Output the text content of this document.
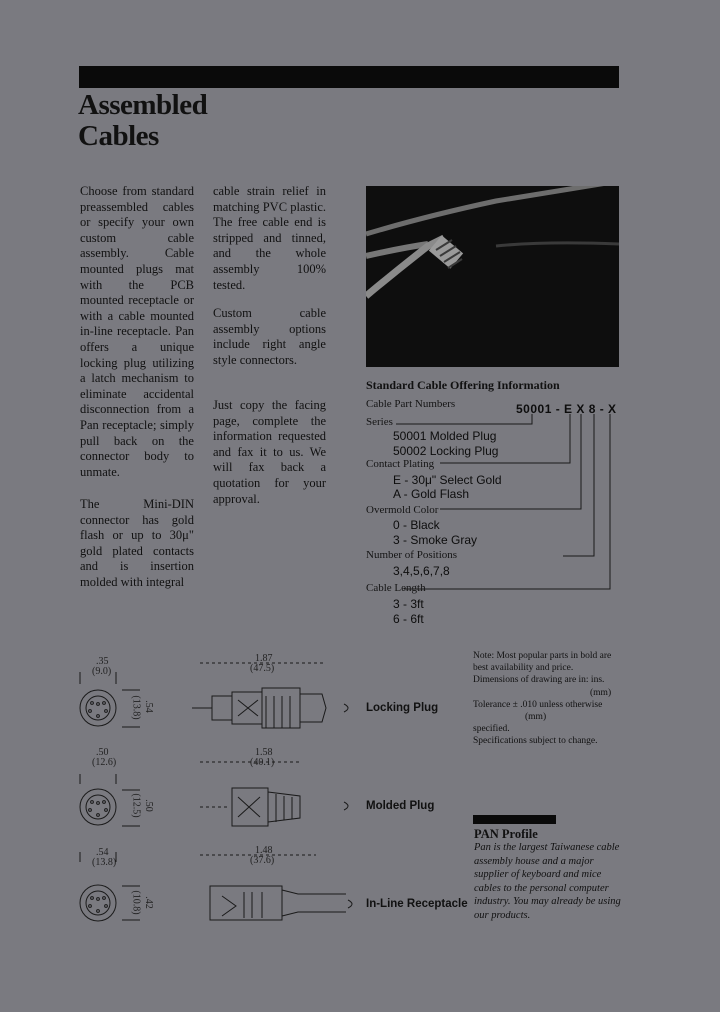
Assembled
Cables
Choose from standard preassembled cables or specify your own custom cable assembly. Cable mounted plugs mat with the PCB mounted receptacle or with a cable mounted in-line receptacle. Pan offers a unique locking plug utilizing a latch mechanism to eliminate accidental disconnection from a Pan receptacle; simply pull back on the connector body to unmate.
The Mini-DIN connector has gold flash or up to 30μ" gold plated contacts and is insertion molded with integral
cable strain relief in matching PVC plastic. The free cable end is stripped and tinned, and the whole assembly 100% tested.
Custom cable assembly options include right angle style connectors.
Just copy the facing page, complete the information requested and fax it to us. We will fax back a quotation for your approval.
Standard Cable Offering Information
Cable Part Numbers	50001 - E X 8 - X
Series
50001 Molded Plug
50002 Locking Plug
Contact Plating
E - 30μ" Select Gold
A - Gold Flash
Overmold Color
0 - Black
3 - Smoke Gray
Number of Positions
3,4,5,6,7,8
Cable Length
3 - 3ft
6 - 6ft
Note: Most popular parts in bold are
best availability and price.
Dimensions of drawing are in: ins.
(mm)
Tolerance ± .010 unless otherwise
(mm)
specified.
Specifications subject to change.
PAN Profile
Pan is the largest Taiwanese cable assembly house and a major supplier of keyboard and mice cables to the personal computer industry. You may already be using our products.
.35
(9.0)
.54
(13.8)
1.87
(47.5)
Locking Plug
.50
(12.6)
.50
(12.5)
1.58
(40.1)
Molded Plug
.54
(13.8)
.42
(10.8)
1.48
(37.6)
In-Line Receptacle
